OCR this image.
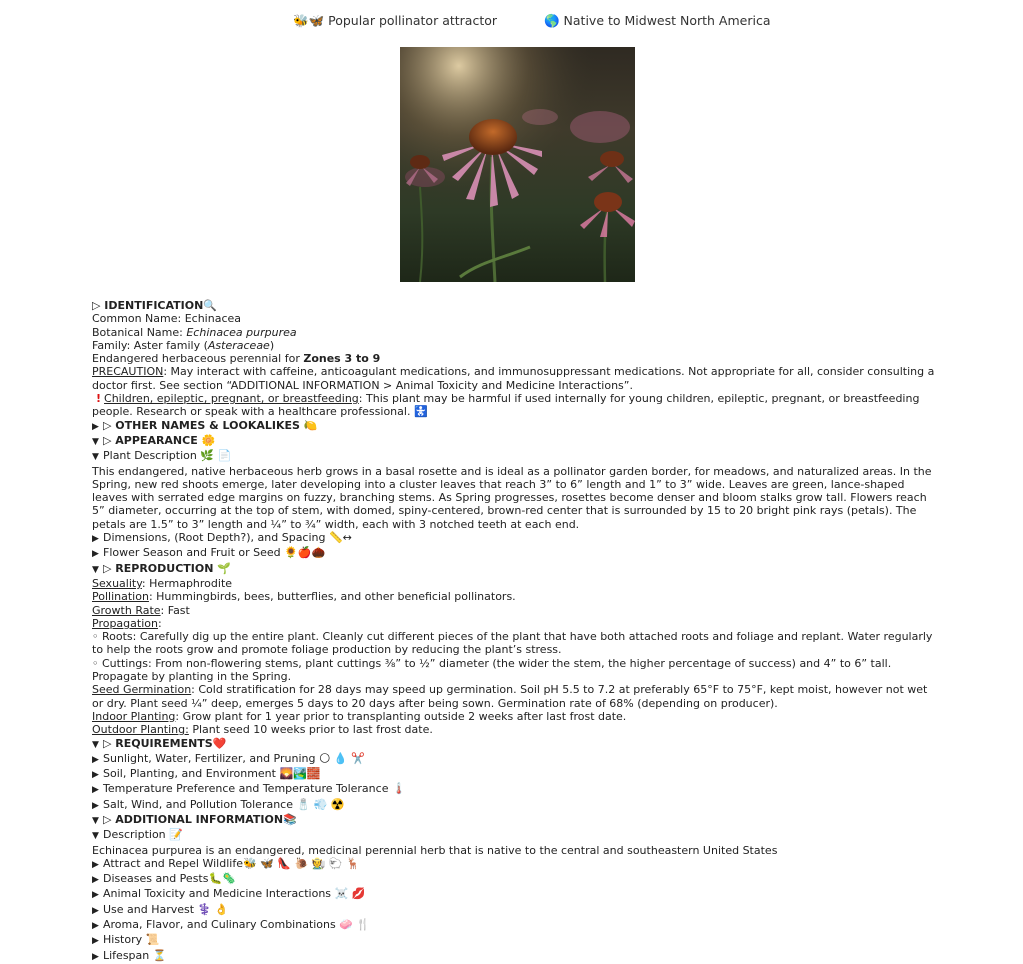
🐝🦋 Popular pollinator attractor	🌎 Native to Midwest North America
▷ IDENTIFICATION🔍
Common Name: Echinacea
Botanical Name: Echinacea purpurea
Family: Aster family (Asteraceae)
Endangered herbaceous perennial for Zones 3 to 9
PRECAUTION: May interact with caffeine, anticoagulant medications, and immunosuppressant medications. Not appropriate for all, consider consulting a doctor first. See section “ADDITIONAL INFORMATION > Animal Toxicity and Medicine Interactions”.
! Children, epileptic, pregnant, or breastfeeding: This plant may be harmful if used internally for young children, epileptic, pregnant, or breastfeeding people. Research or speak with a healthcare professional. 🚼
▶ ▷ OTHER NAMES & LOOKALIKES 🍋
▼ ▷ APPEARANCE 🌼
▼ Plant Description 🌿 📄
This endangered, native herbaceous herb grows in a basal rosette and is ideal as a pollinator garden border, for meadows, and naturalized areas. In the Spring, new red shoots emerge, later developing into a cluster leaves that reach 3” to 6” length and 1” to 3” wide. Leaves are green, lance-shaped leaves with serrated edge margins on fuzzy, branching stems. As Spring progresses, rosettes become denser and bloom stalks grow tall. Flowers reach 5” diameter, occurring at the top of stem, with domed, spiny-centered, brown-red center that is surrounded by 15 to 20 bright pink rays (petals). The petals are 1.5” to 3” length and ¼” to ¾” width, each with 3 notched teeth at each end.
▶ Dimensions, (Root Depth?), and Spacing 📏↔
▶ Flower Season and Fruit or Seed 🌻🍎🌰
▼ ▷ REPRODUCTION 🌱
Sexuality: Hermaphrodite
Pollination: Hummingbirds, bees, butterflies, and other beneficial pollinators.
Growth Rate: Fast
Propagation:
◦ Roots: Carefully dig up the entire plant. Cleanly cut different pieces of the plant that have both attached roots and foliage and replant. Water regularly to help the roots grow and promote foliage production by reducing the plant’s stress.
◦ Cuttings: From non-flowering stems, plant cuttings ⅜” to ½” diameter (the wider the stem, the higher percentage of success) and 4” to 6” tall. Propagate by planting in the Spring.
Seed Germination: Cold stratification for 28 days may speed up germination. Soil pH 5.5 to 7.2 at preferably 65°F to 75°F, kept moist, however not wet or dry. Plant seed ¼” deep, emerges 5 days to 20 days after being sown. Germination rate of 68% (depending on producer).
Indoor Planting: Grow plant for 1 year prior to transplanting outside 2 weeks after last frost date.
Outdoor Planting: Plant seed 10 weeks prior to last frost date.
▼ ▷ REQUIREMENTS❤️
▶ Sunlight, Water, Fertilizer, and Pruning 🌕 💧 ✂️
▶ Soil, Planting, and Environment 🌄🏞️🧱
▶ Temperature Preference and Temperature Tolerance 🌡️
▶ Salt, Wind, and Pollution Tolerance 🧂 💨 ☢️
▼ ▷ ADDITIONAL INFORMATION📚
▼ Description 📝
Echinacea purpurea is an endangered, medicinal perennial herb that is native to the central and southeastern United States
▶ Attract and Repel Wildlife🐝 🦋 👠 🐌 🧑‍🌾 🐑 🦌
▶ Diseases and Pests🐛🦠
▶ Animal Toxicity and Medicine Interactions ☠️ 💋
▶ Use and Harvest ⚕️ 👌
▶ Aroma, Flavor, and Culinary Combinations 🧼 🍴
▶ History 📜
▶ Lifespan ⏳
